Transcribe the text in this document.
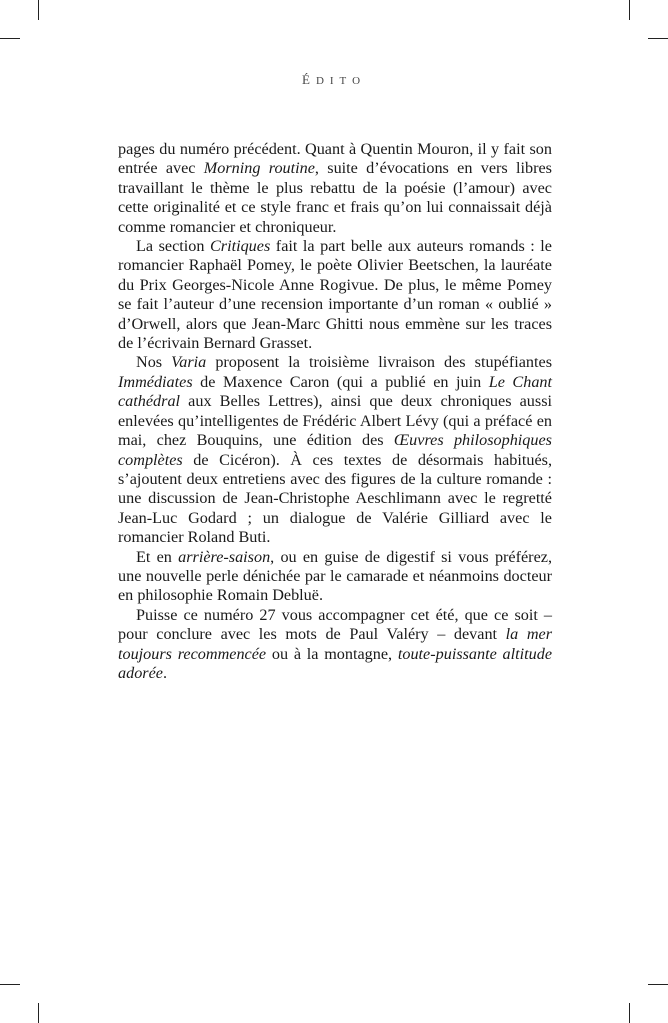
ÉDITO

pages du numéro précédent. Quant à Quentin Mouron, il y fait son entrée avec Morning routine, suite d’évocations en vers libres travaillant le thème le plus rebattu de la poésie (l’amour) avec cette originalité et ce style franc et frais qu’on lui connaissait déjà comme romancier et chroniqueur.

La section Critiques fait la part belle aux auteurs romands : le romancier Raphaël Pomey, le poète Olivier Beetschen, la lauréate du Prix Georges-Nicole Anne Rogivue. De plus, le même Pomey se fait l’auteur d’une recension importante d’un roman « oublié » d’Orwell, alors que Jean-Marc Ghitti nous emmène sur les traces de l’écrivain Bernard Grasset.

Nos Varia proposent la troisième livraison des stupéfiantes Immédiates de Maxence Caron (qui a publié en juin Le Chant cathédral aux Belles Lettres), ainsi que deux chroniques aussi enlevées qu’intelligentes de Frédéric Albert Lévy (qui a préfacé en mai, chez Bouquins, une édition des Œuvres philosophiques complètes de Cicéron). À ces textes de désormais habitués, s’ajoutent deux entretiens avec des figures de la culture romande : une discussion de Jean-Christophe Aeschlimann avec le regretté Jean-Luc Godard ; un dialogue de Valérie Gilliard avec le romancier Roland Buti.

Et en arrière-saison, ou en guise de digestif si vous préférez, une nouvelle perle dénichée par le camarade et néanmoins docteur en philosophie Romain Debluë.

Puisse ce numéro 27 vous accompagner cet été, que ce soit – pour conclure avec les mots de Paul Valéry – devant la mer toujours recommencée ou à la montagne, toute-puissante altitude adorée.
